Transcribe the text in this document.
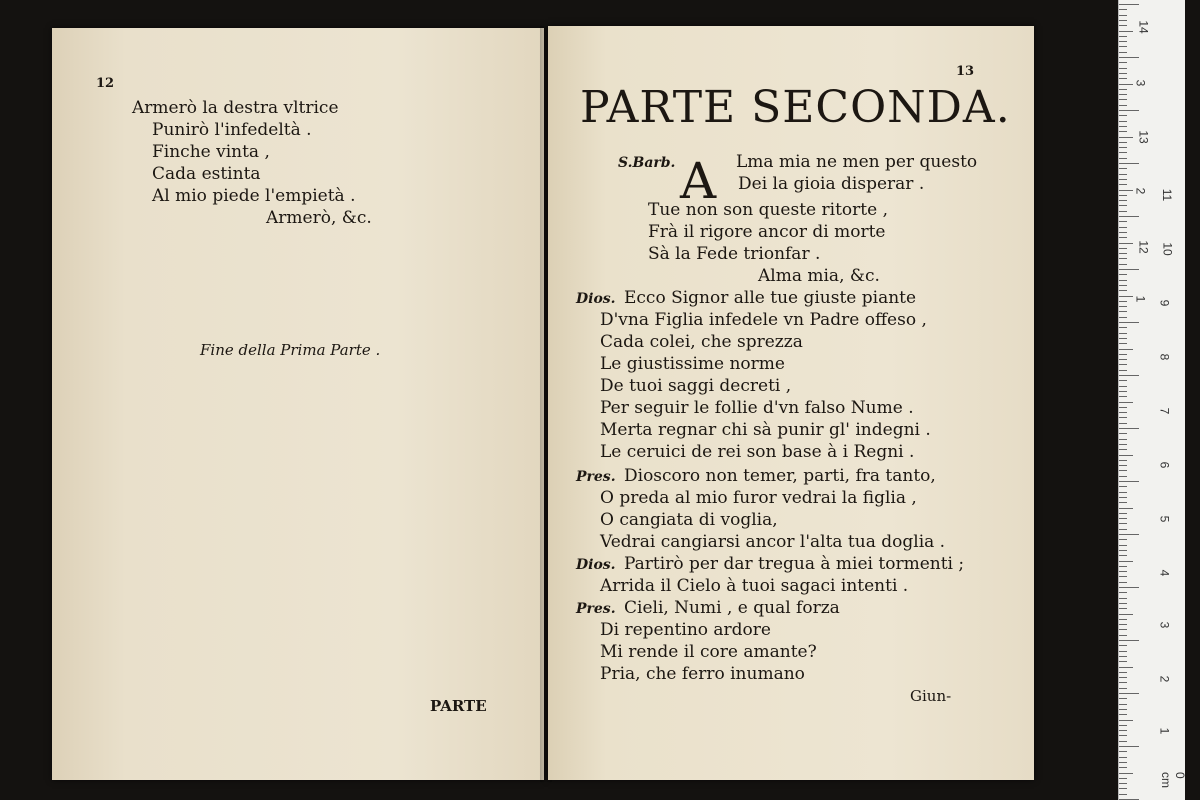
12
Armerò la destra vltrice
Punirò l'infedeltà .
Finche vinta ,
Cada estinta
Al mio piede l'empietà .
Armerò, &c.
Fine della Prima Parte .
PARTE
13
PARTE SECONDA.
A
S.Barb.	Lma mia ne men per questo
Dei la gioia disperar .
Tue non son queste ritorte ,
Frà il rigore ancor di morte
Sà la Fede trionfar .
Alma mia, &c.
Dios. Ecco Signor alle tue giuste piante
D'vna Figlia infedele vn Padre offeso ,
Cada colei, che sprezza
Le giustissime norme
De tuoi saggi decreti ,
Per seguir le follie d'vn falso Nume .
Merta regnar chi sà punir gl' indegni .
Le ceruici de rei son base à i Regni .
Pres. Dioscoro non temer, parti, fra tanto,
O preda al mio furor vedrai la figlia ,
O cangiata di voglia,
Vedrai cangiarsi ancor l'alta tua doglia .
Dios. Partirò per dar tregua à miei tormenti ;
Arrida il Cielo à tuoi sagaci intenti .
Pres. Cieli, Numi , e qual forza
Di repentino ardore
Mi rende il core amante?
Pria, che ferro inumano
Giun-
14
3
13
2
12
1
11
10
9
8
7
6
5
4
3
2
1
0 cm
